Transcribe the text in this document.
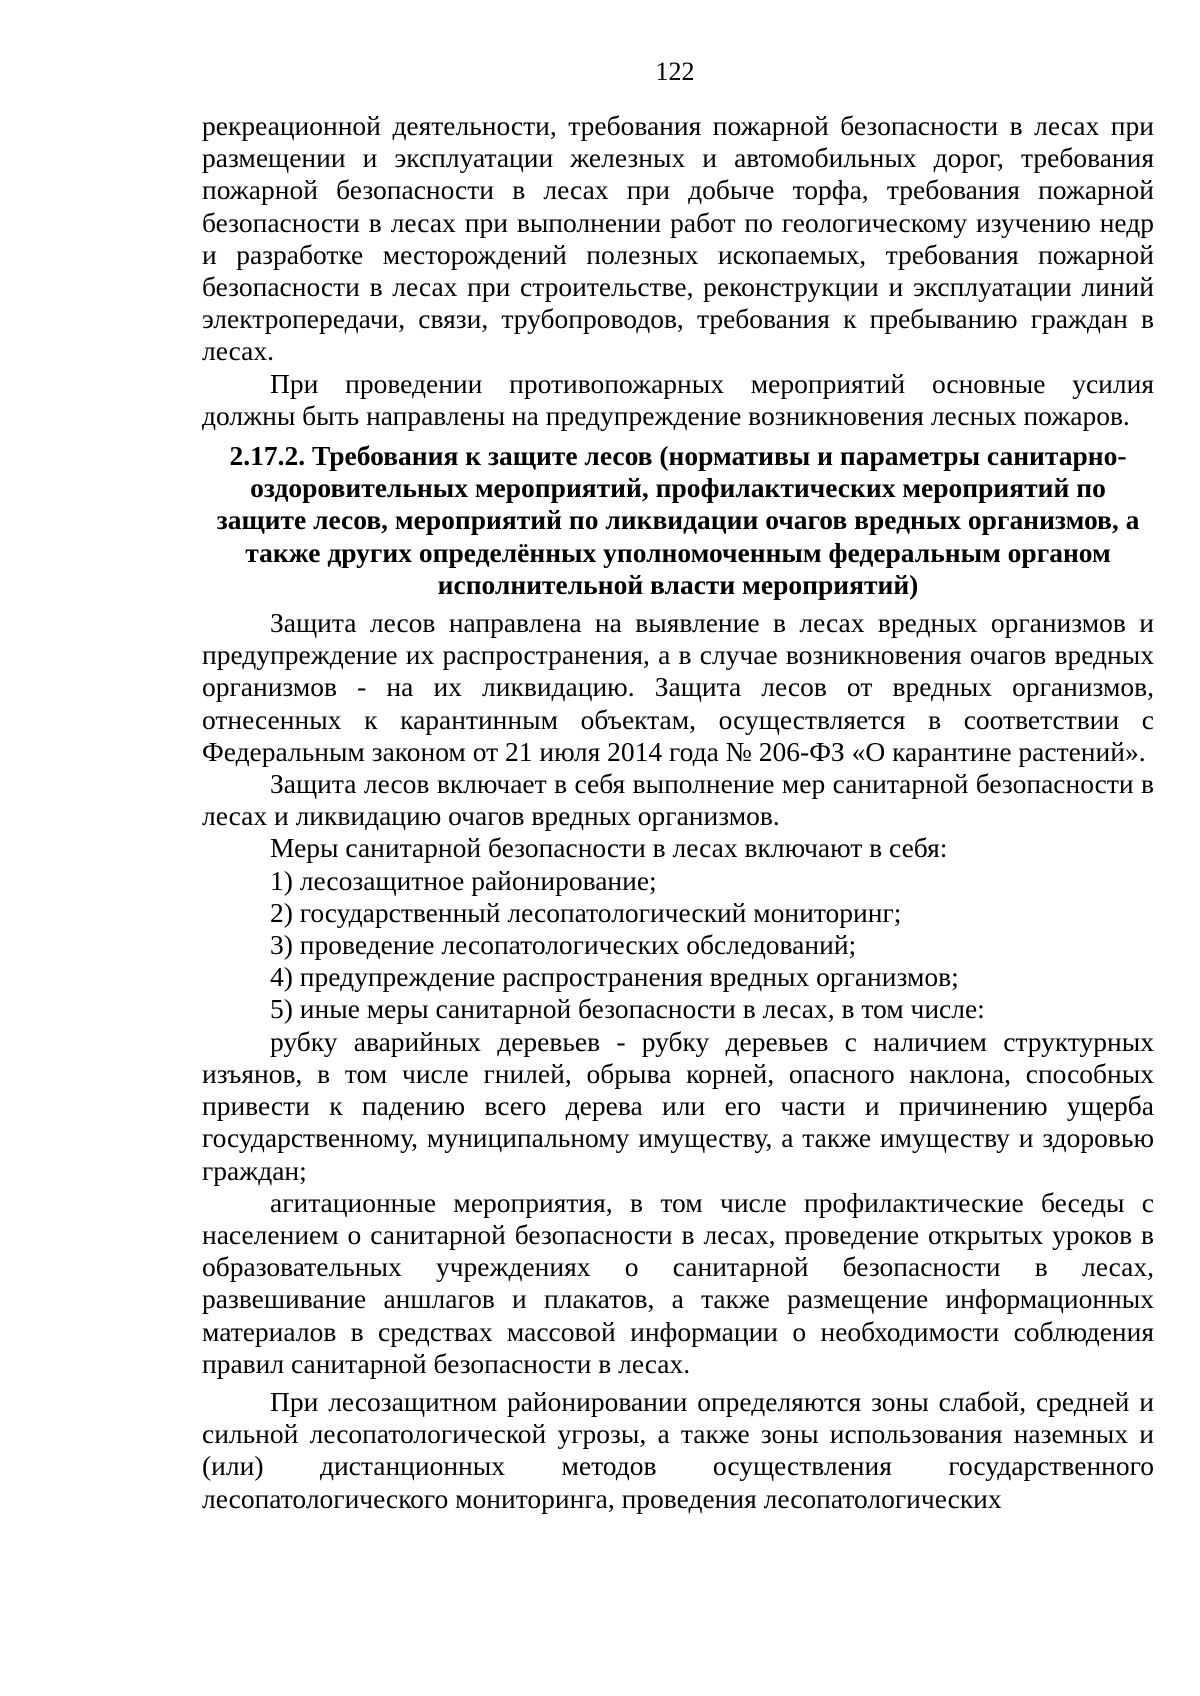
122

рекреационной деятельности, требования пожарной безопасности в лесах при размещении и эксплуатации железных и автомобильных дорог, требования пожарной безопасности в лесах при добыче торфа, требования пожарной безопасности в лесах при выполнении работ по геологическому изучению недр и разработке месторождений полезных ископаемых, требования пожарной безопасности в лесах при строительстве, реконструкции и эксплуатации линий электропередачи, связи, трубопроводов, требования к пребыванию граждан в лесах.

При проведении противопожарных мероприятий основные усилия должны быть направлены на предупреждение возникновения лесных пожаров.

2.17.2. Требования к защите лесов (нормативы и параметры санитарно-оздоровительных мероприятий, профилактических мероприятий по защите лесов, мероприятий по ликвидации очагов вредных организмов, а также других определённых уполномоченным федеральным органом исполнительной власти мероприятий)

Защита лесов направлена на выявление в лесах вредных организмов и предупреждение их распространения, а в случае возникновения очагов вредных организмов - на их ликвидацию. Защита лесов от вредных организмов, отнесенных к карантинным объектам, осуществляется в соответствии с Федеральным законом от 21 июля 2014 года № 206-ФЗ «О карантине растений».

Защита лесов включает в себя выполнение мер санитарной безопасности в лесах и ликвидацию очагов вредных организмов.

Меры санитарной безопасности в лесах включают в себя:

1) лесозащитное районирование;

2) государственный лесопатологический мониторинг;

3) проведение лесопатологических обследований;

4) предупреждение распространения вредных организмов;

5) иные меры санитарной безопасности в лесах, в том числе:

рубку аварийных деревьев - рубку деревьев с наличием структурных изъянов, в том числе гнилей, обрыва корней, опасного наклона, способных привести к падению всего дерева или его части и причинению ущерба государственному, муниципальному имуществу, а также имуществу и здоровью граждан;

агитационные мероприятия, в том числе профилактические беседы с населением о санитарной безопасности в лесах, проведение открытых уроков в образовательных учреждениях о санитарной безопасности в лесах, развешивание аншлагов и плакатов, а также размещение информационных материалов в средствах массовой информации о необходимости соблюдения правил санитарной безопасности в лесах.

При лесозащитном районировании определяются зоны слабой, средней и сильной лесопатологической угрозы, а также зоны использования наземных и (или) дистанционных методов осуществления государственного лесопатологического мониторинга, проведения лесопатологических
